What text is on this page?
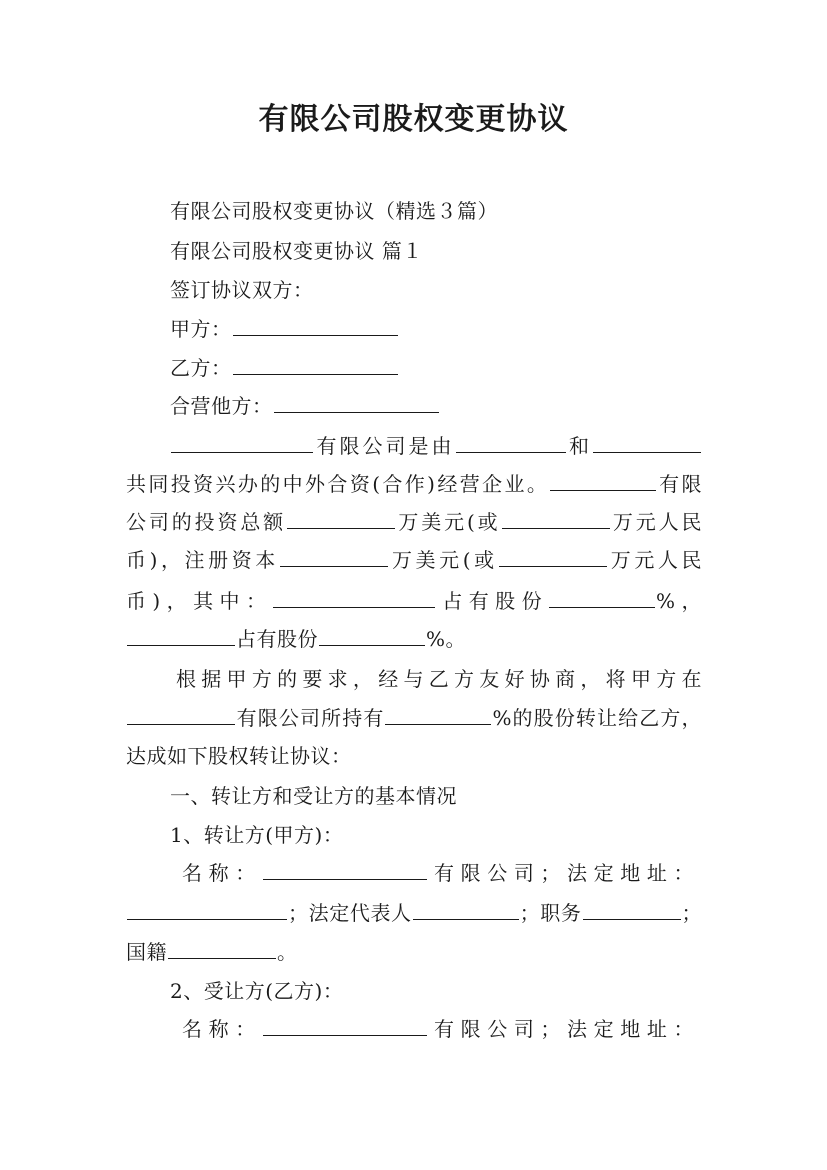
有限公司股权变更协议
有限公司股权变更协议（精选３篇）
有限公司股权变更协议 篇１
签订协议双方：
甲方：
乙方：
合营他方：
有限公司是由	和
共同投资兴办的中外合资(合作)经营企业。	有限
公司的投资总额	万美元(或	万元人民
币)，注册资本	万美元(或	万元人民
币)，其中：	占有股份	%，
占有股份	%。
根据甲方的要求，经与乙方友好协商，将甲方在
有限公司所持有	%的股份转让给乙方，
达成如下股权转让协议：
一、转让方和受让方的基本情况
1、转让方(甲方)：
名称：	有限公司；法定地址：
；法定代表人	；职务	；
国籍	。
2、受让方(乙方)：
名称：	有限公司；法定地址：
